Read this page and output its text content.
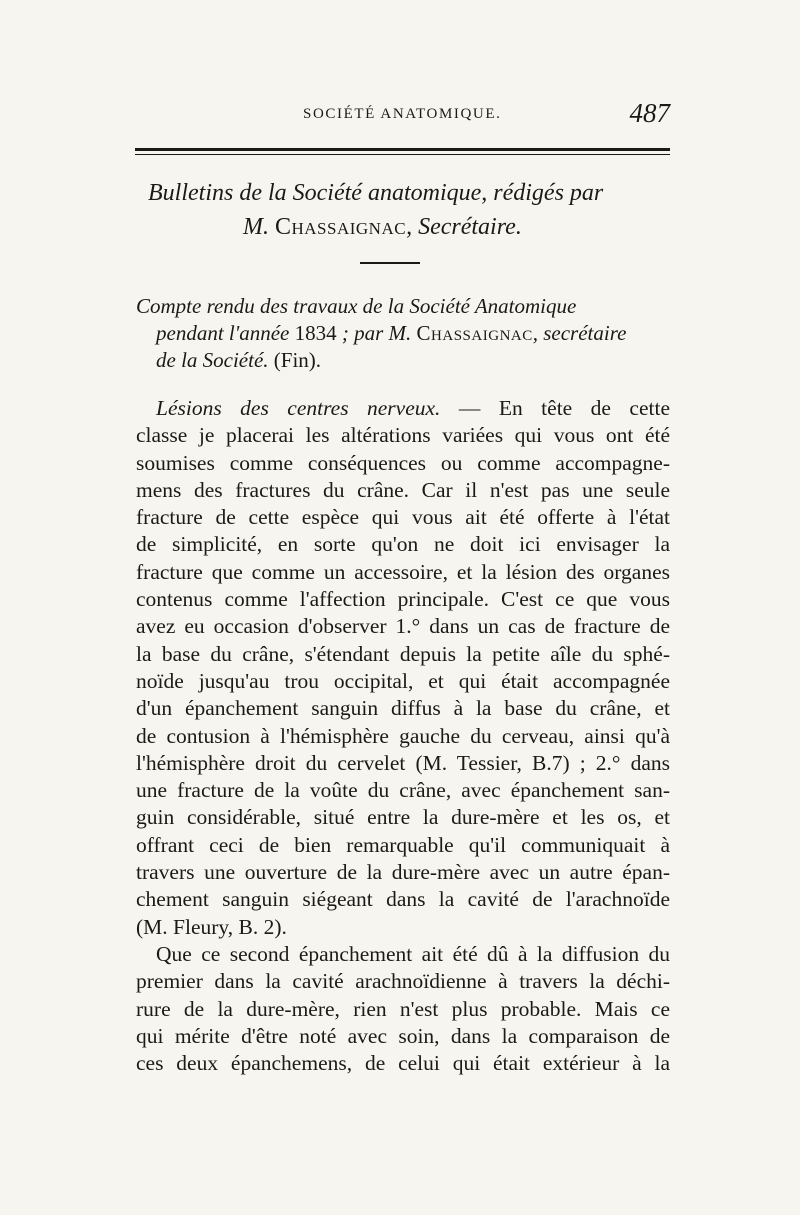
SOCIÉTÉ ANATOMIQUE.	487
Bulletins de la Société anatomique, rédigés par
M. Chassaignac, Secrétaire.
Compte rendu des travaux de la Société Anatomique
pendant l'année 1834 ; par M. Chassaignac, secrétaire
de la Société. (Fin).
Lésions des centres nerveux. — En tête de cette
classe je placerai les altérations variées qui vous ont été
soumises comme conséquences ou comme accompagne-
mens des fractures du crâne. Car il n'est pas une seule
fracture de cette espèce qui vous ait été offerte à l'état
de simplicité, en sorte qu'on ne doit ici envisager la
fracture que comme un accessoire, et la lésion des organes
contenus comme l'affection principale. C'est ce que vous
avez eu occasion d'observer 1.° dans un cas de fracture de
la base du crâne, s'étendant depuis la petite aîle du sphé-
noïde jusqu'au trou occipital, et qui était accompagnée
d'un épanchement sanguin diffus à la base du crâne, et
de contusion à l'hémisphère gauche du cerveau, ainsi qu'à
l'hémisphère droit du cervelet (M. Tessier, B.7) ; 2.° dans
une fracture de la voûte du crâne, avec épanchement san-
guin considérable, situé entre la dure-mère et les os, et
offrant ceci de bien remarquable qu'il communiquait à
travers une ouverture de la dure-mère avec un autre épan-
chement sanguin siégeant dans la cavité de l'arachnoïde
(M. Fleury, B. 2).
Que ce second épanchement ait été dû à la diffusion du
premier dans la cavité arachnoïdienne à travers la déchi-
rure de la dure-mère, rien n'est plus probable. Mais ce
qui mérite d'être noté avec soin, dans la comparaison de
ces deux épanchemens, de celui qui était extérieur à la
